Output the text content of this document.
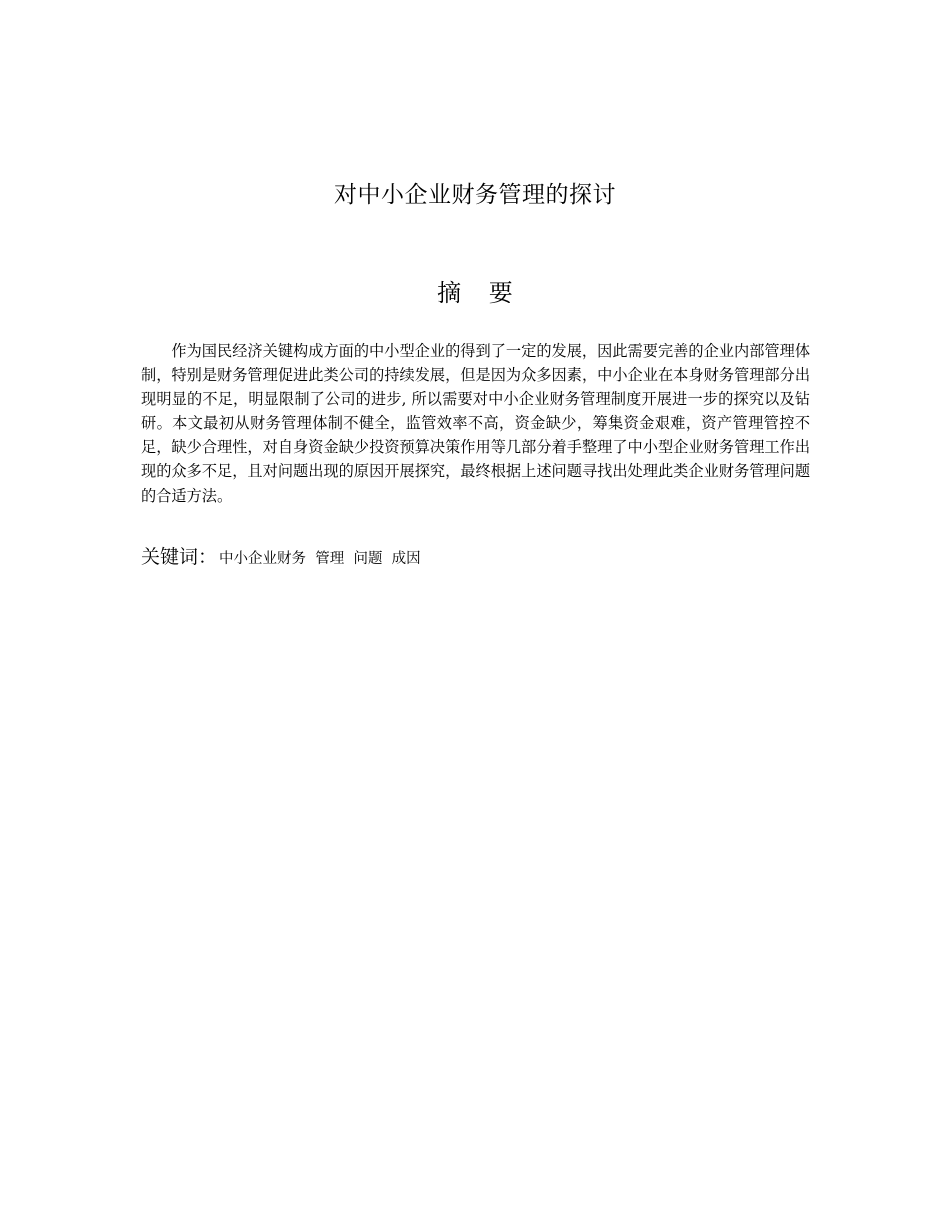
对中小企业财务管理的探讨
摘 要

作为国民经济关键构成方面的中小型企业的得到了一定的发展，因此需要完善的企业内部管理体制，特别是财务管理促进此类公司的持续发展，但是因为众多因素，中小企业在本身财务管理部分出现明显的不足，明显限制了公司的进步, 所以需要对中小企业财务管理制度开展进一步的探究以及钻研。本文最初从财务管理体制不健全，监管效率不高，资金缺少，筹集资金艰难，资产管理管控不足，缺少合理性，对自身资金缺少投资预算决策作用等几部分着手整理了中小型企业财务管理工作出现的众多不足，且对问题出现的原因开展探究，最终根据上述问题寻找出处理此类企业财务管理问题的合适方法。

关键词： 中小企业财务  管理  问题  成因
